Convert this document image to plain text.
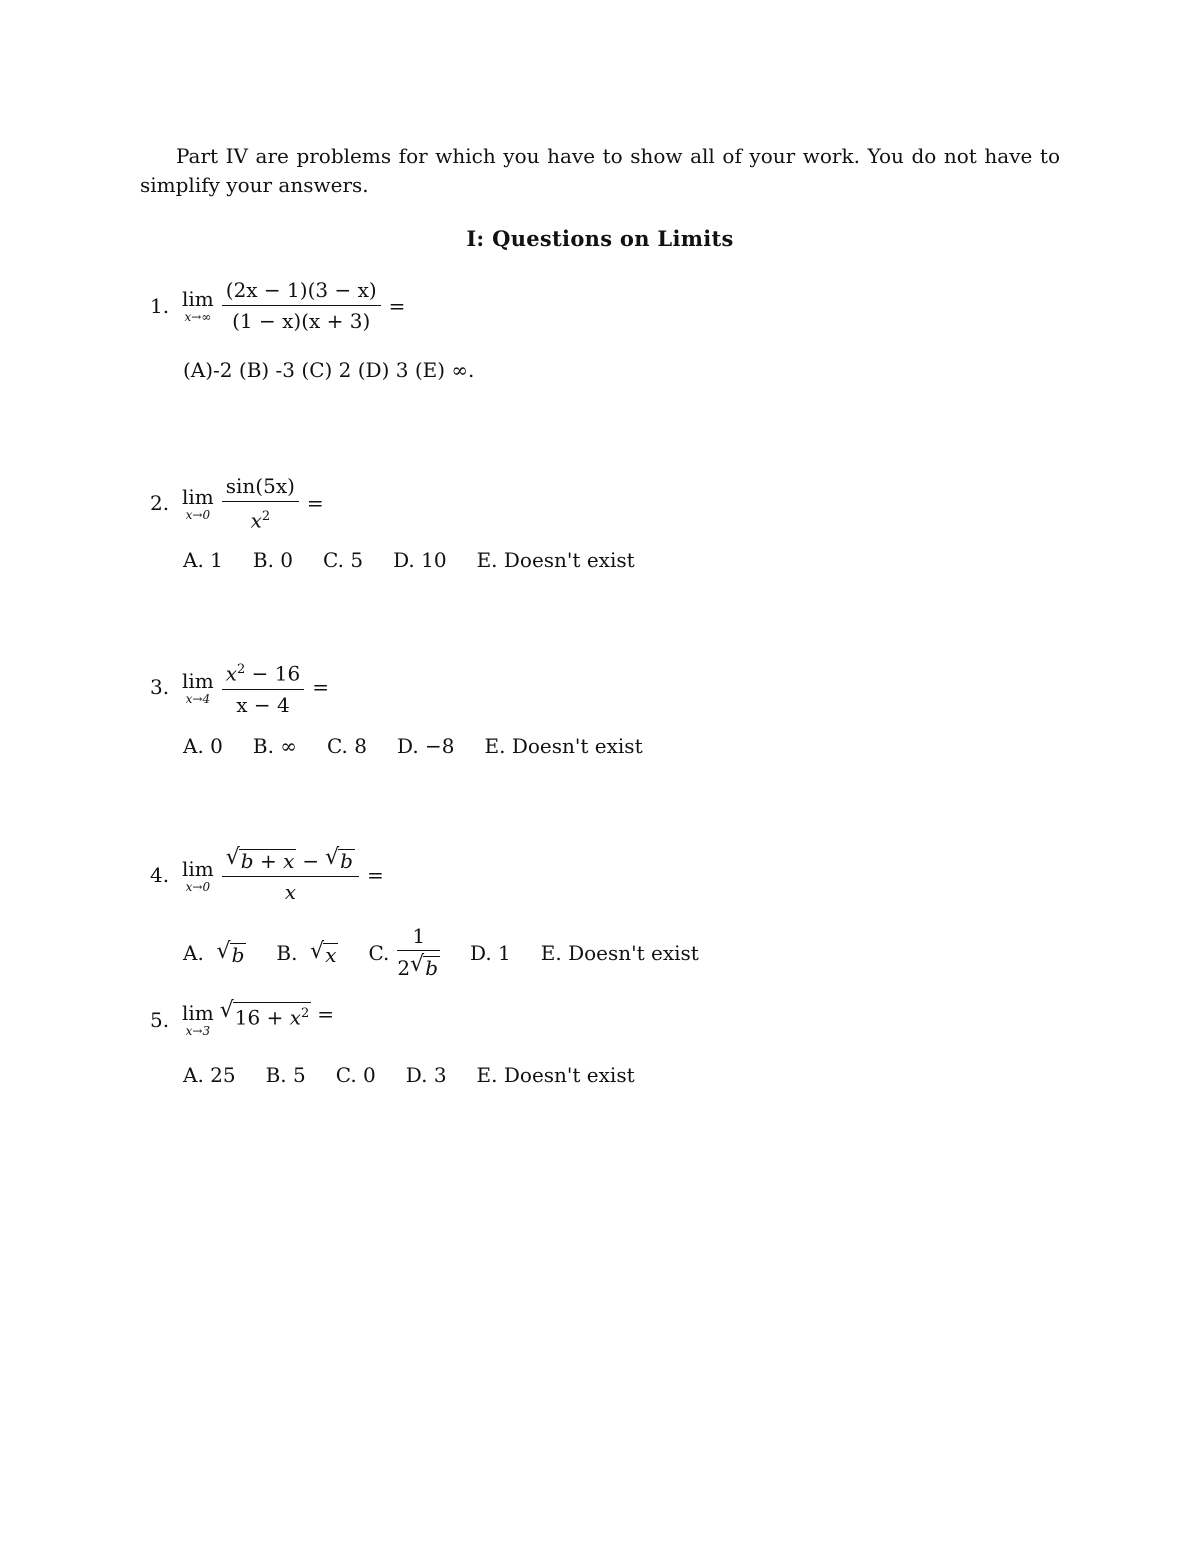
Part IV are problems for which you have to show all of your work. You do not have to simplify your answers.
I: Questions on Limits
1. lim
$x\to\infty \frac{(2x - 1)(3 - x)}{(1 - x)(x + 3)}$ =
(A)-2 (B) -3 (C) 2 (D) 3 (E) ∞.
2. lim
$x\to 0 \frac{\sin(5x)}{x^2}$ =
A. 1 B. 0 C. 5 D. 10 E. Doesn't exist
3. lim
$x\to 4 \frac{x^2 - 16}{x - 4}$ =
A. 0 B. ∞ C. 8 D. −8 E. Doesn't exist
4. lim
$x\to 0 \frac{√ b + x - √ b}{x}$ =
A.
√ b B.
√ x C.
1
2 √ b
D. 1 E. Doesn't exist
5. lim
x→3
√ $16 + x^2$ =
A. 25 B. 5 C. 0 D. 3 E. Doesn't exist
